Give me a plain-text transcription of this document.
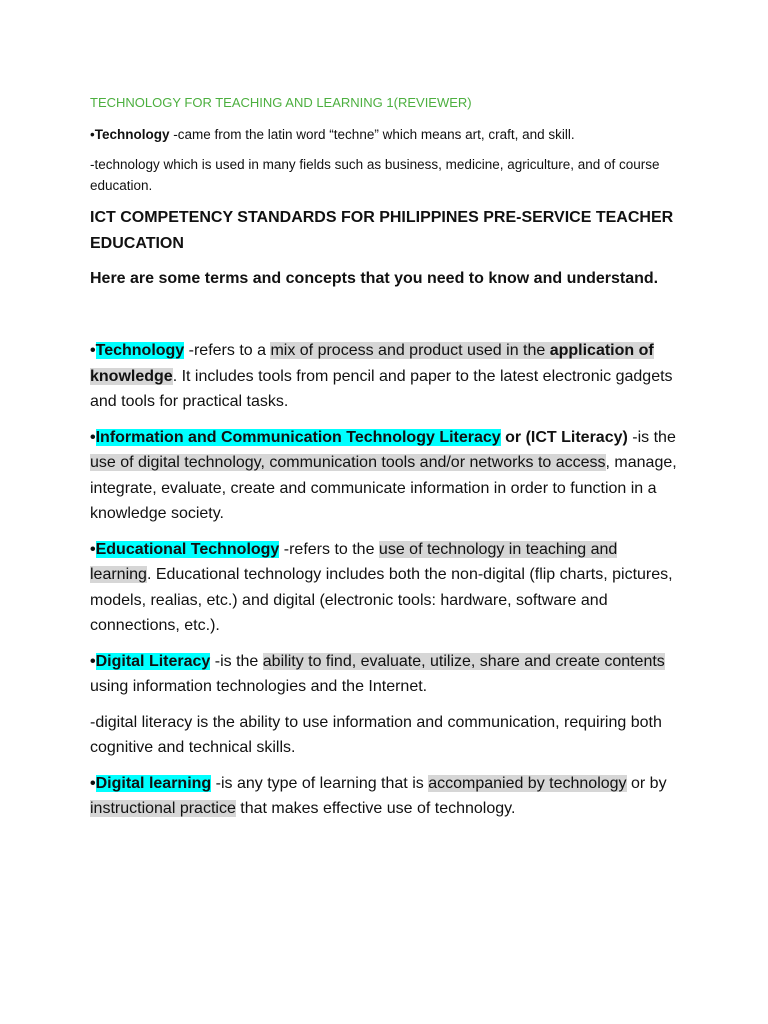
TECHNOLOGY FOR TEACHING AND LEARNING 1(REVIEWER)

•Technology -came from the latin word “techne” which means art, craft, and skill.

-technology which is used in many fields such as business, medicine, agriculture, and of course education.

ICT COMPETENCY STANDARDS FOR PHILIPPINES PRE-SERVICE TEACHER EDUCATION

Here are some terms and concepts that you need to know and understand.

•Technology -refers to a mix of process and product used in the application of knowledge. It includes tools from pencil and paper to the latest electronic gadgets and tools for practical tasks.

•Information and Communication Technology Literacy or (ICT Literacy) -is the use of digital technology, communication tools and/or networks to access, manage, integrate, evaluate, create and communicate information in order to function in a knowledge society.

•Educational Technology -refers to the use of technology in teaching and learning. Educational technology includes both the non-digital (flip charts, pictures, models, realias, etc.) and digital (electronic tools: hardware, software and connections, etc.).

•Digital Literacy -is the ability to find, evaluate, utilize, share and create contents using information technologies and the Internet.

-digital literacy is the ability to use information and communication, requiring both cognitive and technical skills.

•Digital learning -is any type of learning that is accompanied by technology or by instructional practice that makes effective use of technology.
